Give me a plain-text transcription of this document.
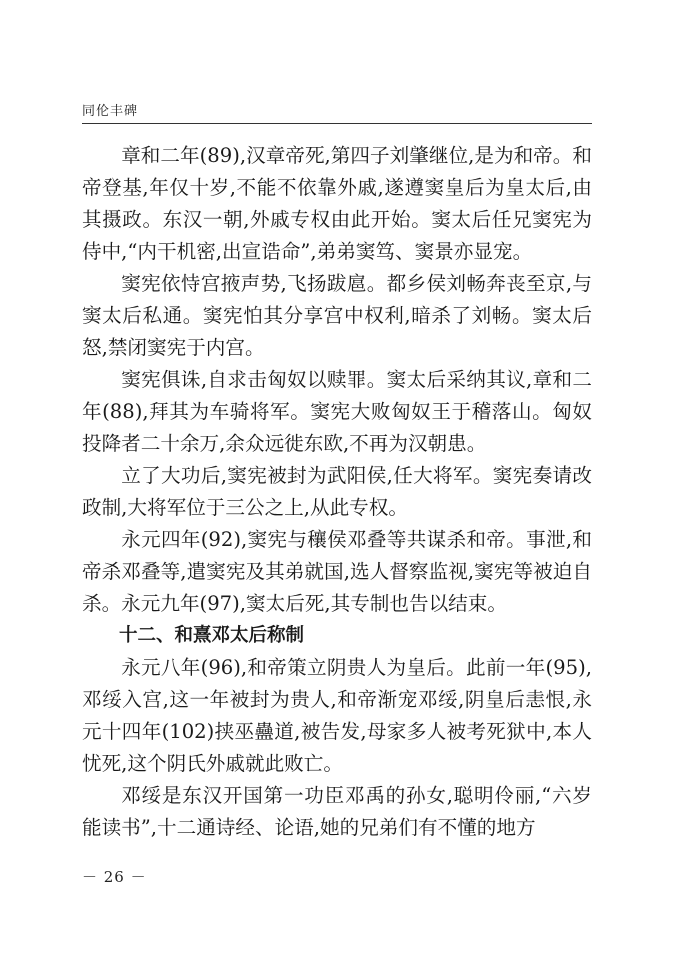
同伦丰碑

章和二年(89),汉章帝死,第四子刘肇继位,是为和帝。和帝登基,年仅十岁,不能不依靠外戚,遂遵窦皇后为皇太后,由其摄政。东汉一朝,外戚专权由此开始。窦太后任兄窦宪为侍中,“内干机密,出宣诰命”,弟弟窦笃、窦景亦显宠。

窦宪依恃宫掖声势,飞扬跋扈。都乡侯刘畅奔丧至京,与窦太后私通。窦宪怕其分享宫中权利,暗杀了刘畅。窦太后怒,禁闭窦宪于内宫。

窦宪俱诛,自求击匈奴以赎罪。窦太后采纳其议,章和二年(88),拜其为车骑将军。窦宪大败匈奴王于稽落山。匈奴投降者二十余万,余众远徙东欧,不再为汉朝患。

立了大功后,窦宪被封为武阳侯,任大将军。窦宪奏请改政制,大将军位于三公之上,从此专权。

永元四年(92),窦宪与穰侯邓叠等共谋杀和帝。事泄,和帝杀邓叠等,遣窦宪及其弟就国,选人督察监视,窦宪等被迫自杀。永元九年(97),窦太后死,其专制也告以结束。

十二、和熹邓太后称制

永元八年(96),和帝策立阴贵人为皇后。此前一年(95),邓绥入宫,这一年被封为贵人,和帝渐宠邓绥,阴皇后恚恨,永元十四年(102)挟巫蠱道,被告发,母家多人被考死狱中,本人忧死,这个阴氏外戚就此败亡。

邓绥是东汉开国第一功臣邓禹的孙女,聪明伶丽,“六岁能读书”,十二通诗经、论语,她的兄弟们有不懂的地方

－ 26 －
